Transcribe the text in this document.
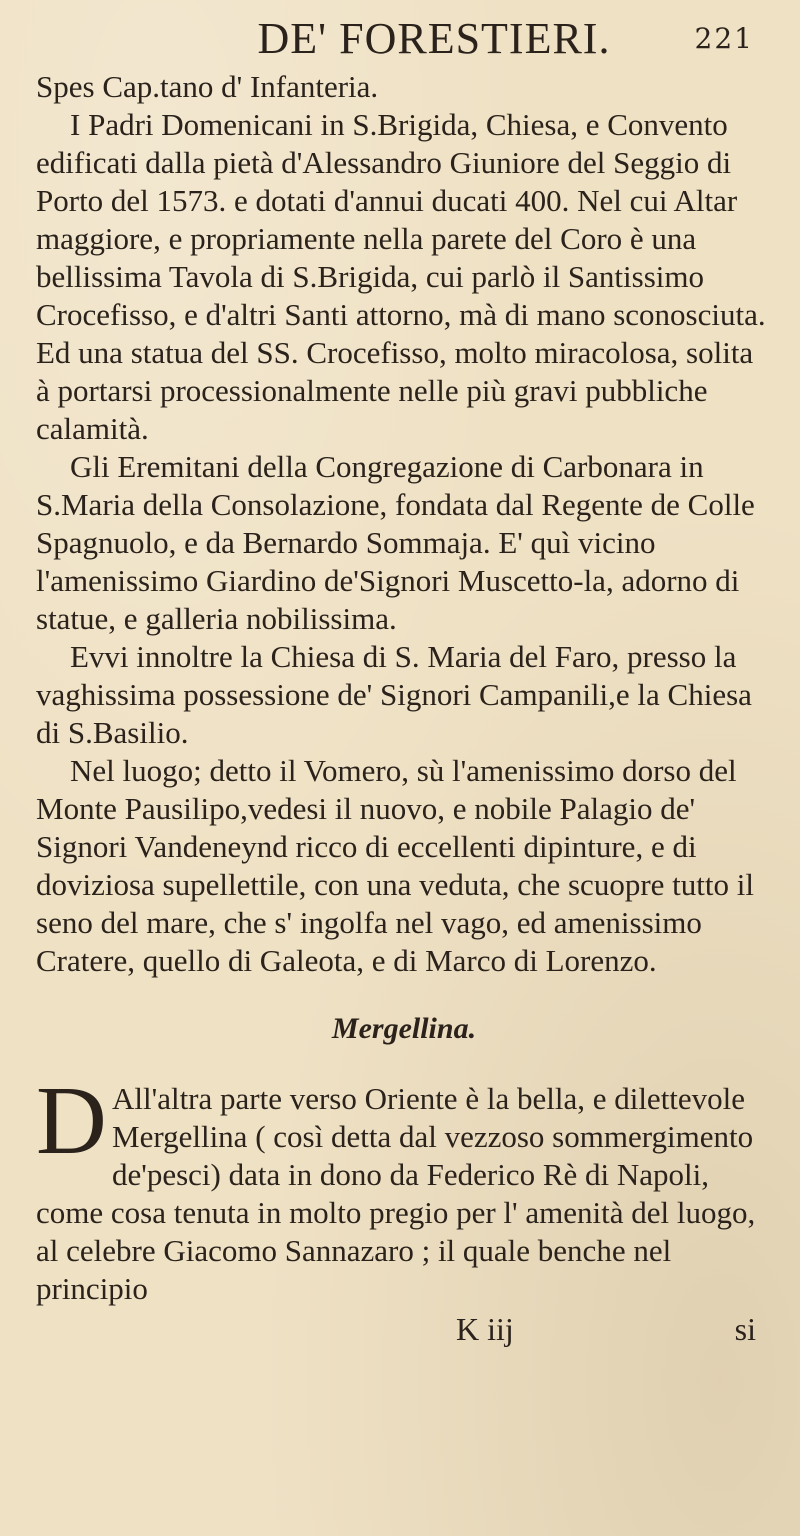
DE' FORESTIERI.	221

Spes Cap.tano d' Infanteria.

I Padri Domenicani in S.Brigida, Chiesa, e Convento edificati dalla pietà d'Alessandro Giuniore del Seggio di Porto del 1573. e dotati d'annui ducati 400. Nel cui Altar maggiore, e propriamente nella parete del Coro è una bellissima Tavola di S.Brigida, cui parlò il Santissimo Crocefisso, e d'altri Santi attorno, mà di mano sconosciuta. Ed una statua del SS. Crocefisso, molto miracolosa, solita à portarsi processionalmente nelle più gravi pubbliche calamità.

Gli Eremitani della Congregazione di Carbonara in S.Maria della Consolazione, fondata dal Regente de Colle Spagnuolo, e da Bernardo Sommaja. E' quì vicino l'amenissimo Giardino de'Signori Muscetto-la, adorno di statue, e galleria nobilissima.

Evvi innoltre la Chiesa di S. Maria del Faro, presso la vaghissima possessione de' Signori Campanili,e la Chiesa di S.Basilio.

Nel luogo; detto il Vomero, sù l'amenissimo dorso del Monte Pausilipo,vedesi il nuovo, e nobile Palagio de' Signori Vandeneynd ricco di eccellenti dipinture, e di doviziosa supellettile, con una veduta, che scuopre tutto il seno del mare, che s' ingolfa nel vago, ed amenissimo Cratere, quello di Galeota, e di Marco di Lorenzo.

Mergellina.
D All'altra parte verso Oriente è la bella, e dilettevole Mergellina ( così detta dal vezzoso sommergimento de'pesci) data in dono da Federico Rè di Napoli, come cosa tenuta in molto pregio per l' amenità del luogo, al celebre Giacomo Sannazaro ; il quale benche nel principio

K iij	si
